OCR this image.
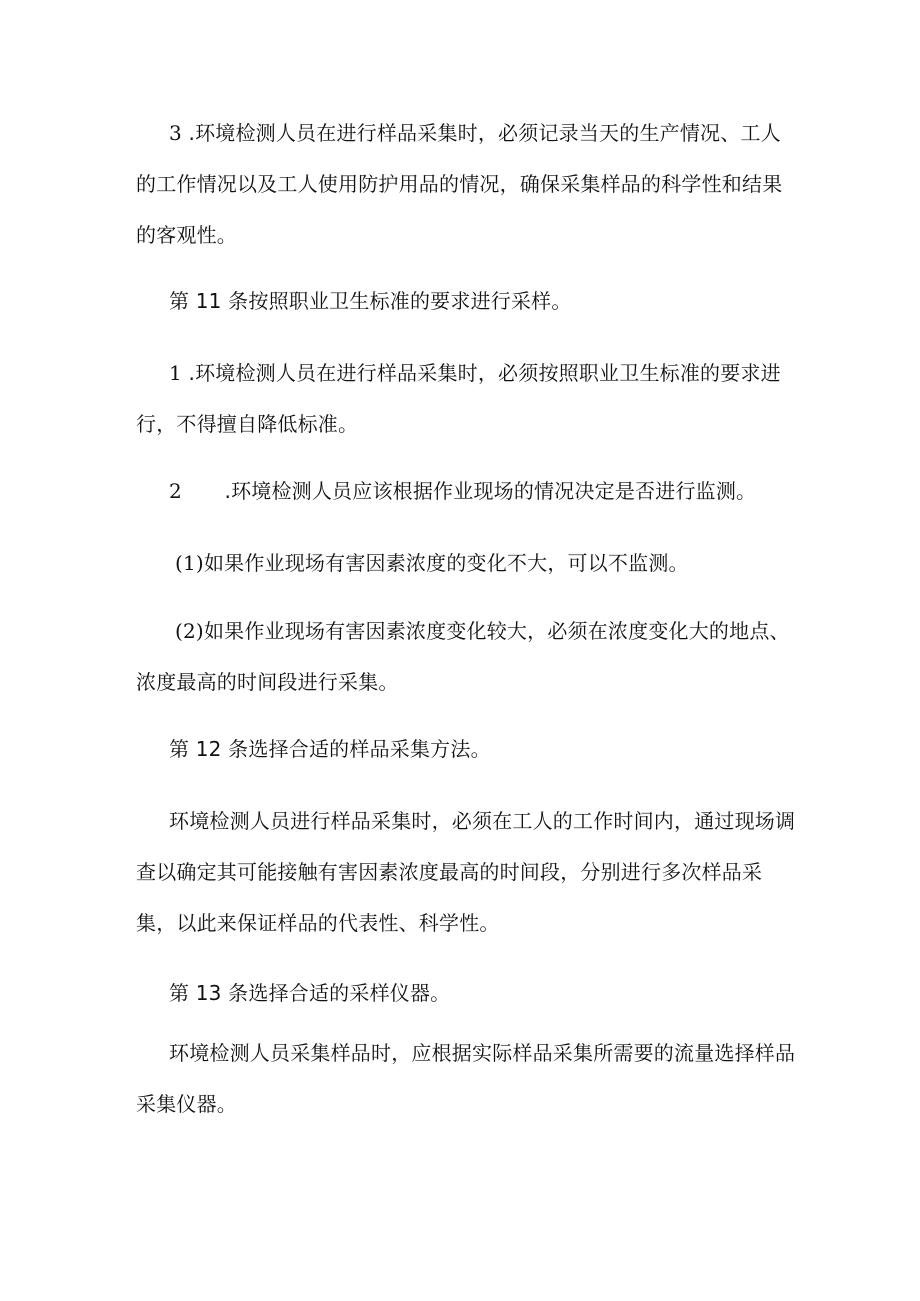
3 .环境检测人员在进行样品采集时，必须记录当天的生产情况、工人的工作情况以及工人使用防护用品的情况，确保采集样品的科学性和结果的客观性。

第 11 条按照职业卫生标准的要求进行采样。

1 .环境检测人员在进行样品采集时，必须按照职业卫生标准的要求进行，不得擅自降低标准。

2 .环境检测人员应该根据作业现场的情况决定是否进行监测。

(1)如果作业现场有害因素浓度的变化不大，可以不监测。

(2)如果作业现场有害因素浓度变化较大，必须在浓度变化大的地点、浓度最高的时间段进行采集。

第 12 条选择合适的样品采集方法。

环境检测人员进行样品采集时，必须在工人的工作时间内，通过现场调查以确定其可能接触有害因素浓度最高的时间段，分别进行多次样品采集，以此来保证样品的代表性、科学性。

第 13 条选择合适的采样仪器。

环境检测人员采集样品时，应根据实际样品采集所需要的流量选择样品采集仪器。
